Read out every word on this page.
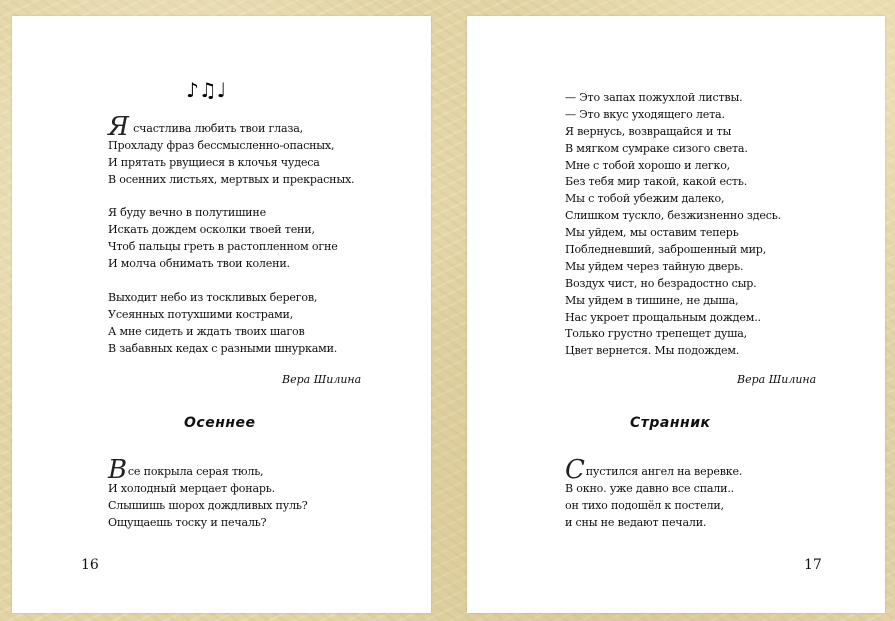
♪♫♩
Я счастлива любить твои глаза,
Прохладу фраз бессмысленно-опасных,
И прятать рвущиеся в клочья чудеса
В осенних листьях, мертвых и прекрасных.
Я буду вечно в полутишине
Искать дождем осколки твоей тени,
Чтоб пальцы греть в растопленном огне
И молча обнимать твои колени.
Выходит небо из тоскливых берегов,
Усеянных потухшими кострами,
А мне сидеть и ждать твоих шагов
В забавных кедах с разными шнурками.
Вера Шилина
Осеннее
Все покрыла серая тюль,
И холодный мерцает фонарь.
Слышишь шорох дождливых пуль?
Ощущаешь тоску и печаль?
16
— Это запах пожухлой листвы.
— Это вкус уходящего лета.
Я вернусь, возвращайся и ты
В мягком сумраке сизого света.
Мне с тобой хорошо и легко,
Без тебя мир такой, какой есть.
Мы с тобой убежим далеко,
Слишком тускло, безжизненно здесь.
Мы уйдем, мы оставим теперь
Побледневший, заброшенный мир,
Мы уйдем через тайную дверь.
Воздух чист, но безрадостно сыр.
Мы уйдем в тишине, не дыша,
Нас укроет прощальным дождем..
Только грустно трепещет душа,
Цвет вернется. Мы подождем.
Вера Шилина
Странник
Спустился ангел на веревке.
В окно. уже давно все спали..
он тихо подошёл к постели,
и сны не ведают печали.
17
